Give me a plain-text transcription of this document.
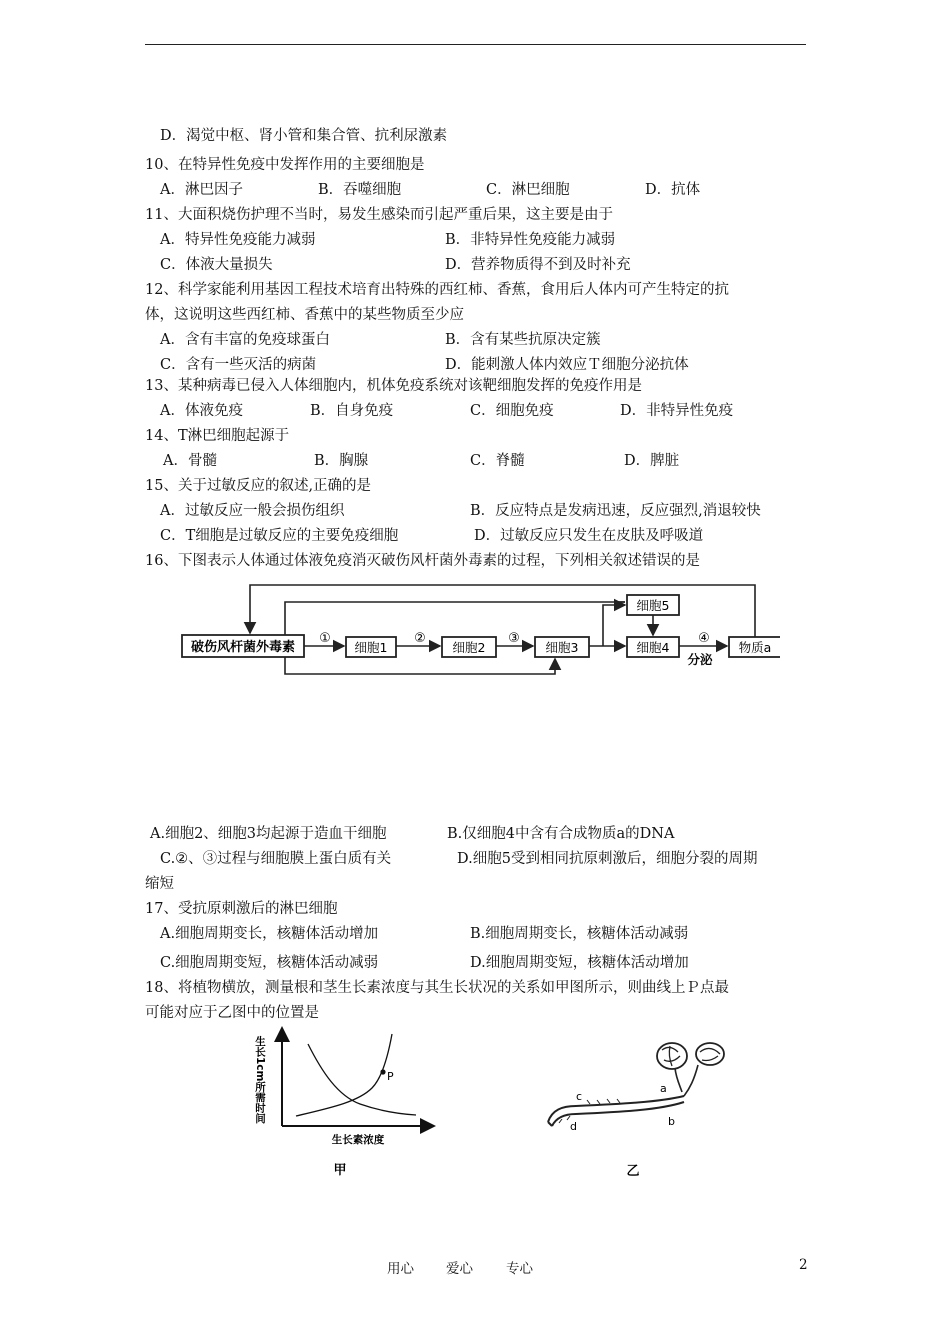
D．渴觉中枢、肾小管和集合管、抗利尿激素
10、在特异性免疫中发挥作用的主要细胞是
A．淋巴因子	B．吞噬细胞	C．淋巴细胞	D．抗体
11、大面积烧伤护理不当时，易发生感染而引起严重后果，这主要是由于
A．特异性免疫能力减弱	B．非特异性免疫能力减弱
C．体液大量损失	D．营养物质得不到及时补充
12、科学家能利用基因工程技术培育出特殊的西红柿、香蕉，食用后人体内可产生特定的抗
体，这说明这些西红柿、香蕉中的某些物质至少应
A．含有丰富的免疫球蛋白	B．含有某些抗原决定簇
C．含有一些灭活的病菌	D．能刺激人体内效应Ｔ细胞分泌抗体
13、某种病毒已侵入人体细胞内，机体免疫系统对该靶细胞发挥的免疫作用是
A．体液免疫	B．自身免疫	C．细胞免疫	D．非特异性免疫
14、T淋巴细胞起源于
A．骨髓	B．胸腺	C．脊髓	D．脾脏
15、关于过敏反应的叙述,正确的是
A．过敏反应一般会损伤组织	B．反应特点是发病迅速，反应强烈,消退较快
C．T细胞是过敏反应的主要免疫细胞	D．过敏反应只发生在皮肤及呼吸道
16、下图表示人体通过体液免疫消灭破伤风杆菌外毒素的过程，下列相关叙述错误的是
破伤风杆菌外毒素	细胞1	细胞2	细胞3
细胞5
细胞4	物质a
①	②	③	④
分泌
A.细胞2、细胞3均起源于造血干细胞	B.仅细胞4中含有合成物质a的DNA
C.②、③过程与细胞膜上蛋白质有关	D.细胞5受到相同抗原刺激后，细胞分裂的周期
缩短
17、受抗原刺激后的淋巴细胞
A.细胞周期变长，核糖体活动增加	B.细胞周期变长，核糖体活动减弱
C.细胞周期变短，核糖体活动减弱	D.细胞周期变短，核糖体活动增加
18、将植物横放，测量根和茎生长素浓度与其生长状况的关系如甲图所示，则曲线上Ｐ点最
可能对应于乙图中的位置是
生长1cm所需时间	P
生长素浓度
甲
c
d
a
b
乙
用心 爱心 专心	2
